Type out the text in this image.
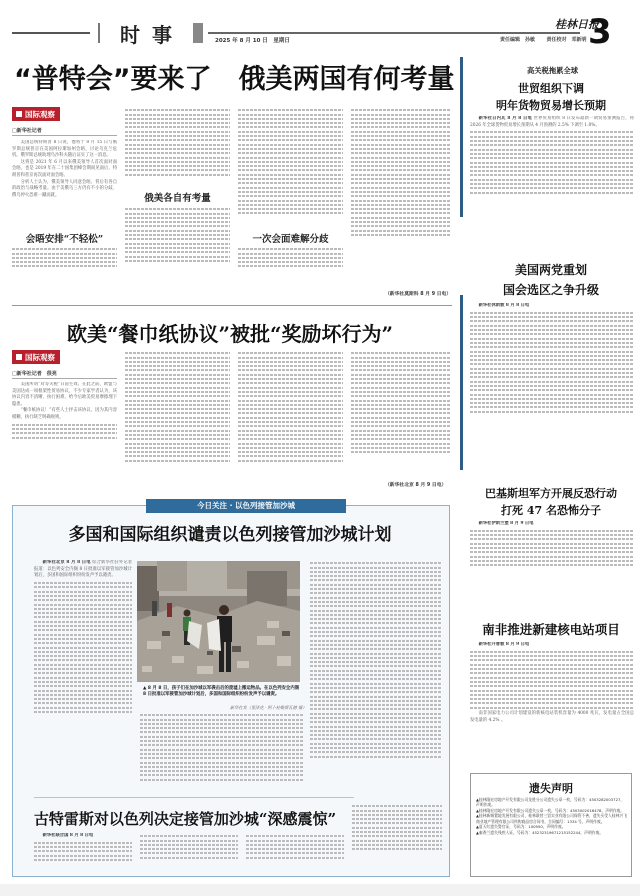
时事	2025 年 8 月 10 日　星期日
桂林日报
责任编辑　孙敏 责任校对　邓新明 3
“普特会”要来了　俄美两国有何考量
国际观察
□新华社记者

美国总统特朗普 8 日说，他将于 8 月 15 日与俄罗斯总统普京在美国阿拉斯加州会晤，讨论乌克兰危机。俄罗斯总统助理乌沙科夫随后证实了这一消息。

这将是 2021 年 6 月以来俄美领导人首次面对面会晤，也是 2019 年在二十国集团峰会期间见面后，特朗普和普京再次面对面会晤。

分析人士认为，俄美领导人同意会晤，背后有各自的政治与战略考量。由于美俄乌三方仍有不小的分歧，俄乌停火恐难一蹴而就。

会晤安排“不轻松”
俄美各自有考量
一次会面难解分歧
（新华社莫斯科 8 月 9 日电）
欧美“餐巾纸协议”被批“奖励坏行为”
国际观察
□新华社记者　很亮

美国所谓“对等关税”日前生效。在此之前，欧盟与美国达成一项框架性贸易协议，不少专家学者认为，该协议内容不清晰、执行困难，给今后欧美贸易摩擦埋下隐患。

“餐巾纸协议！”有些人士抨击该协议，因为其内容模糊，执行缺乏明确规则。

（新华社北京 8 月 9 日电）
今日关注 · 以色列接管加沙城
多国和国际组织谴责以色列接管加沙城计划

新华社北京 8 月 8 日电 综合新华社驻外记者报道：以色列安全内阁 8 日批准以军接管加沙城计划后，多国和国际组织纷纷发声予以谴责。

▲ 8 月 8 日，孩子们在加沙城以军袭击后的废墟上搬运物品。在以色列安全内阁 8 日批准以军接管加沙城计划后，多国和国际组织纷纷发声予以谴责。
新华社发（里泽克 · 阿卜杜勒贾瓦德 摄）
古特雷斯对以色列决定接管加沙城“深感震惊”

新华社联合国 8 月 8 日电

高关税拖累全球
世贸组织下调
明年货物贸易增长预期

新华社日内瓦 8 月 8 日电 世界贸易组织 8 日发布最新一期贸易预测报告，将 2026 年全球货物贸易增长预期从 4 月预测的 2.5% 下调至 1.8%。

美国两党重划
国会选区之争升级

新华社休斯敦 8 月 8 日电

巴基斯坦军方开展反恐行动
打死 47 名恐怖分子

新华社伊斯兰堡 8 月 9 日电

南非推进新建核电站项目

新华社开普敦 8 月 9 日电

南非国家电力公司计划建设的新核电站装机容量为 4000 兆瓦，发电量占全国总发电量的 4.2% 。

遗失声明
▲桂林隆宏房地产开发有限公司龙胜分公司遗失公章一枚，号码为：4503282003727，声明作废。
▲桂林隆宏房地产开发有限公司遗失公章一枚，号码为：4503002016478，声明作废。
▲桂林新城置地发展有限公司，桂林联营三贸实业有限公司保管不善，遗失买受人桂林兴飞商业地产管理有限公司所购商品房合同书，合同编号：1334 号，声明作废。
▲夏天红遗失警官证，号码为：100950，声明作废。
▲秦香兰遗失残疾人证，号码为：45232319671215152244，声明作废。
